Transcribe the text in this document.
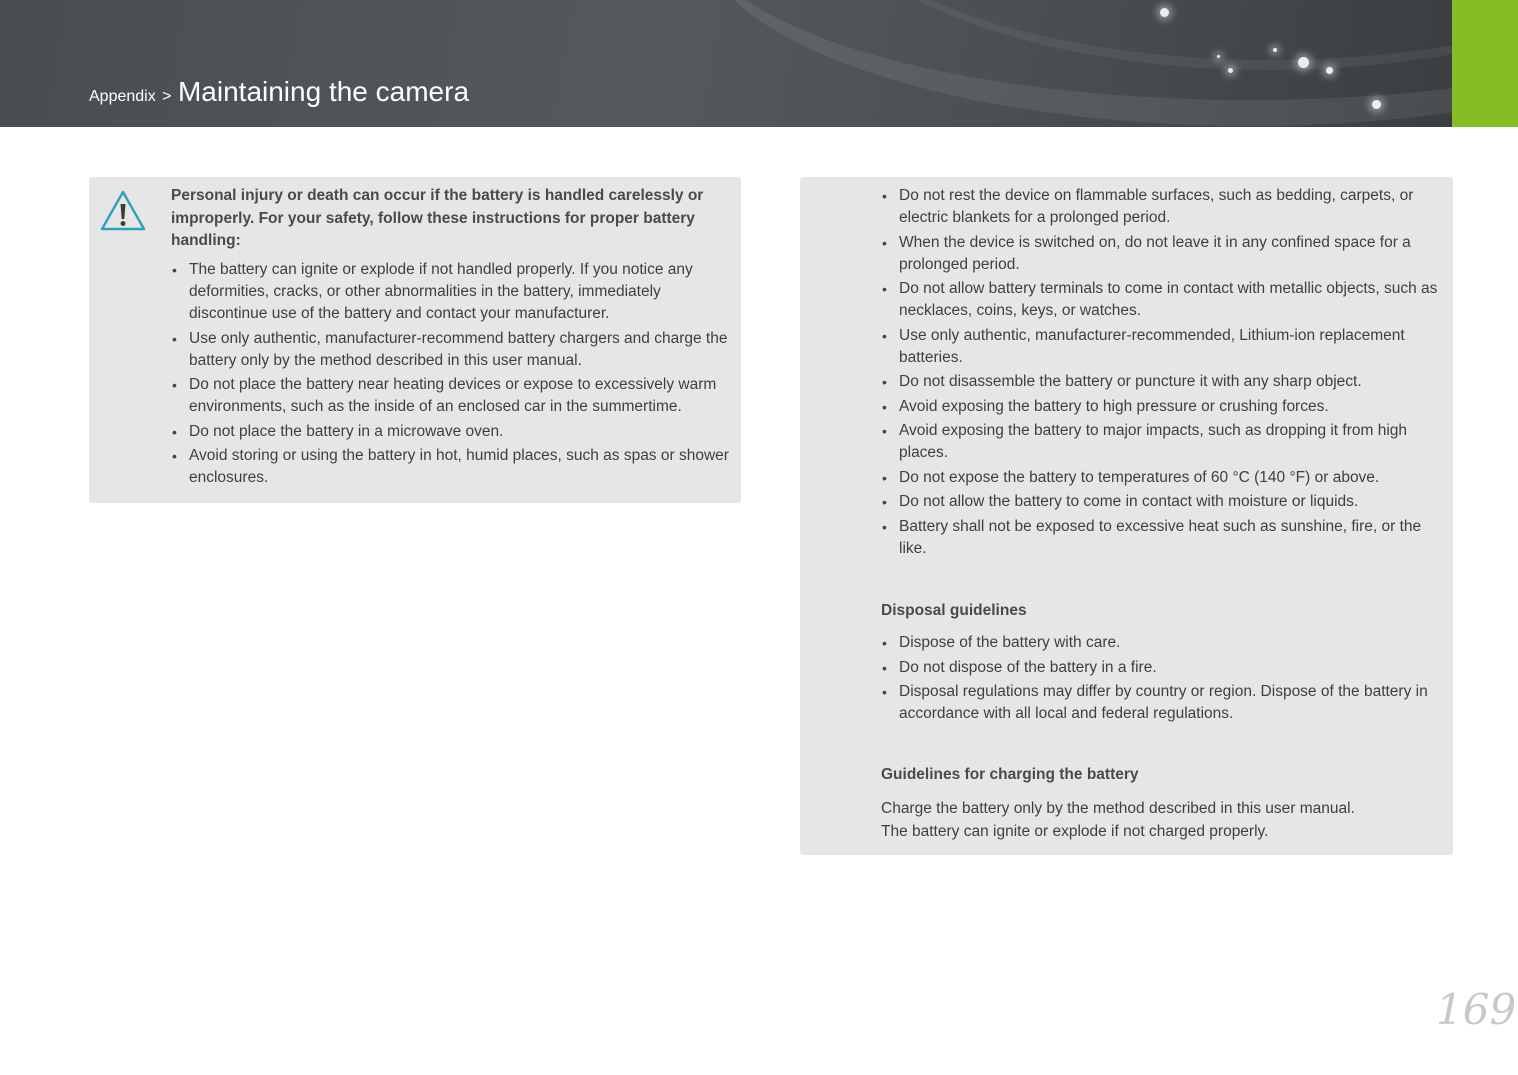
Appendix > Maintaining the camera
Personal injury or death can occur if the battery is handled carelessly or improperly. For your safety, follow these instructions for proper battery handling:
• The battery can ignite or explode if not handled properly. If you notice any deformities, cracks, or other abnormalities in the battery, immediately discontinue use of the battery and contact your manufacturer.
• Use only authentic, manufacturer-recommend battery chargers and charge the battery only by the method described in this user manual.
• Do not place the battery near heating devices or expose to excessively warm environments, such as the inside of an enclosed car in the summertime.
• Do not place the battery in a microwave oven.
• Avoid storing or using the battery in hot, humid places, such as spas or shower enclosures.
• Do not rest the device on flammable surfaces, such as bedding, carpets, or electric blankets for a prolonged period.
• When the device is switched on, do not leave it in any confined space for a prolonged period.
• Do not allow battery terminals to come in contact with metallic objects, such as necklaces, coins, keys, or watches.
• Use only authentic, manufacturer-recommended, Lithium-ion replacement batteries.
• Do not disassemble the battery or puncture it with any sharp object.
• Avoid exposing the battery to high pressure or crushing forces.
• Avoid exposing the battery to major impacts, such as dropping it from high places.
• Do not expose the battery to temperatures of 60 °C (140 °F) or above.
• Do not allow the battery to come in contact with moisture or liquids.
• Battery shall not be exposed to excessive heat such as sunshine, fire, or the like.
Disposal guidelines
• Dispose of the battery with care.
• Do not dispose of the battery in a fire.
• Disposal regulations may differ by country or region. Dispose of the battery in accordance with all local and federal regulations.
Guidelines for charging the battery
Charge the battery only by the method described in this user manual.
The battery can ignite or explode if not charged properly.
169
